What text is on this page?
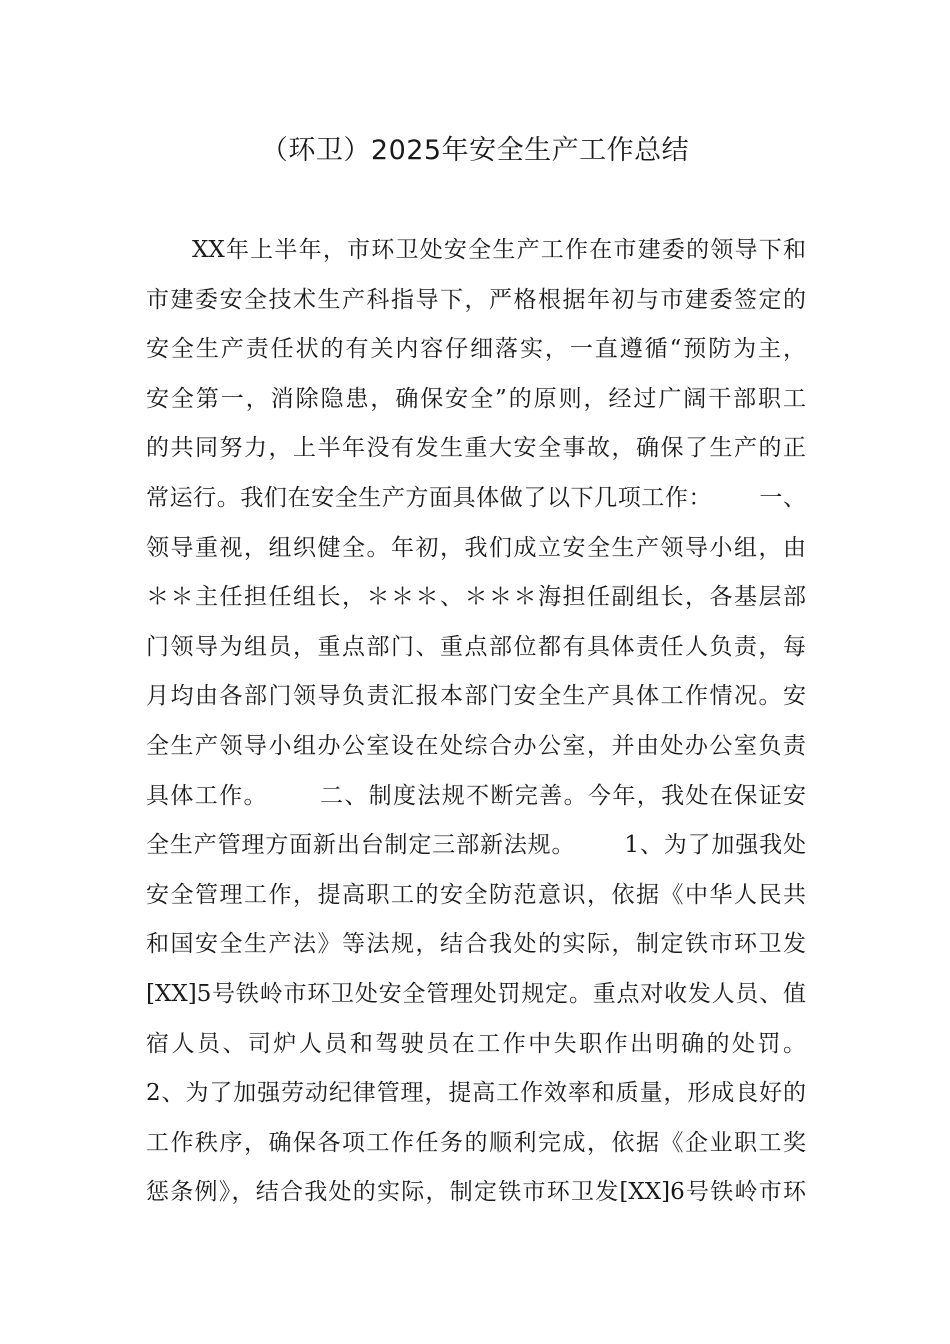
（环卫）2025年安全生产工作总结
XX年上半年，市环卫处安全生产工作在市建委的领导下和
市建委安全技术生产科指导下，严格根据年初与市建委签定的
安全生产责任状的有关内容仔细落实，一直遵循“预防为主，
安全第一，消除隐患，确保安全”的原则，经过广阔干部职工
的共同努力，上半年没有发生重大安全事故，确保了生产的正
常运行。我们在安全生产方面具体做了以下几项工作：      一、
领导重视，组织健全。年初，我们成立安全生产领导小组，由
＊＊主任担任组长，＊＊＊、＊＊＊海担任副组长，各基层部
门领导为组员，重点部门、重点部位都有具体责任人负责，每
月均由各部门领导负责汇报本部门安全生产具体工作情况。安
全生产领导小组办公室设在处综合办公室，并由处办公室负责
具体工作。      二、制度法规不断完善。今年，我处在保证安
全生产管理方面新出台制定三部新法规。      1、为了加强我处
安全管理工作，提高职工的安全防范意识，依据《中华人民共
和国安全生产法》等法规，结合我处的实际，制定铁市环卫发
[XX]5号铁岭市环卫处安全管理处罚规定。重点对收发人员、值
宿人员、司炉人员和驾驶员在工作中失职作出明确的处罚。
2、为了加强劳动纪律管理，提高工作效率和质量，形成良好的
工作秩序，确保各项工作任务的顺利完成，依据《企业职工奖
惩条例》，结合我处的实际，制定铁市环卫发[XX]6号铁岭市环
